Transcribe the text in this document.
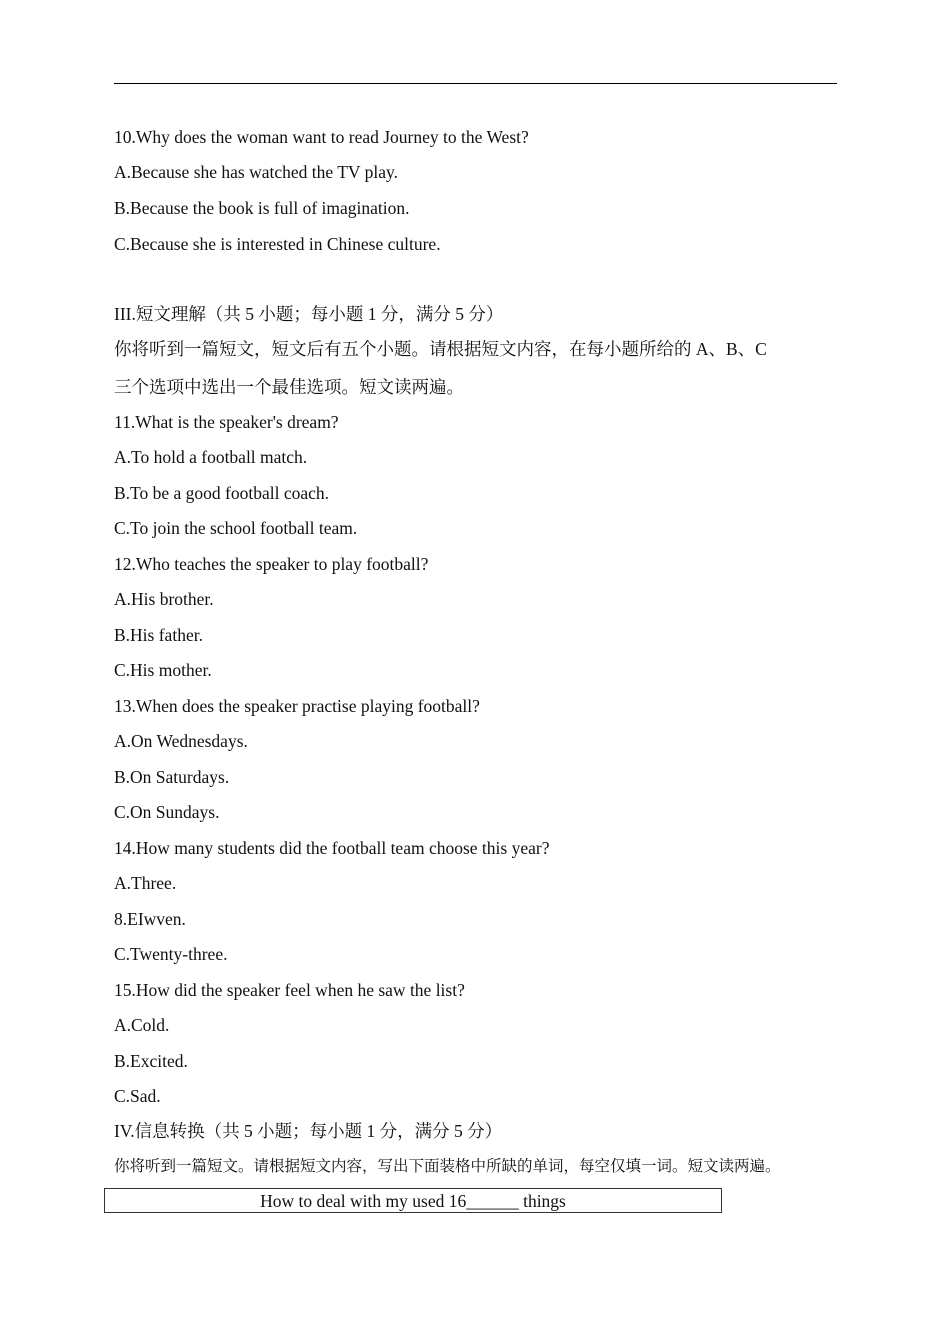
10.Why does the woman want to read Journey to the West?
A.Because she has watched the TV play.
B.Because the book is full of imagination.
C.Because she is interested in Chinese culture.
III.短文理解（共 5 小题；每小题 1 分，满分 5 分）
你将听到一篇短文，短文后有五个小题。请根据短文内容，在每小题所给的 A、B、C
三个选项中选出一个最佳选项。短文读两遍。
11.What is the speaker's dream?
A.To hold a football match.
B.To be a good football coach.
C.To join the school football team.
12.Who teaches the speaker to play football?
A.His brother.
B.His father.
C.His mother.
13.When does the speaker practise playing football?
A.On Wednesdays.
B.On Saturdays.
C.On Sundays.
14.How many students did the football team choose this year?
A.Three.
8.EIwven.
C.Twenty-three.
15.How did the speaker feel when he saw the list?
A.Cold.
B.Excited.
C.Sad.
IV.信息转换（共 5 小题；每小题 1 分，满分 5 分）
你将听到一篇短文。请根据短文内容，写出下面装格中所缺的单词，每空仅填一词。短文读两遍。
How to deal with my used 16______ things
